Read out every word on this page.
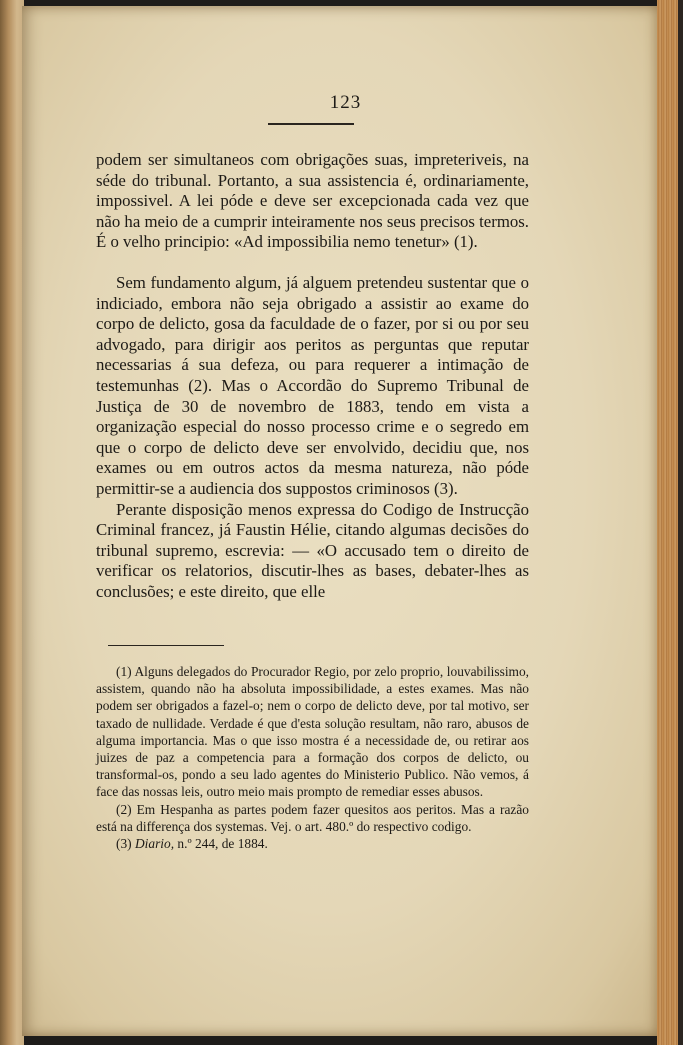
123

podem ser simultaneos com obrigações suas, impreteriveis, na séde do tribunal. Portanto, a sua assistencia é, ordinariamente, impossivel. A lei póde e deve ser excepcionada cada vez que não ha meio de a cumprir inteiramente nos seus precisos termos. É o velho principio: «Ad impossibilia nemo tenetur» (1).

Sem fundamento algum, já alguem pretendeu sustentar que o indiciado, embora não seja obrigado a assistir ao exame do corpo de delicto, gosa da faculdade de o fazer, por si ou por seu advogado, para dirigir aos peritos as perguntas que reputar necessarias á sua defeza, ou para requerer a intimação de testemunhas (2). Mas o Accordão do Supremo Tribunal de Justiça de 30 de novembro de 1883, tendo em vista a organização especial do nosso processo crime e o segredo em que o corpo de delicto deve ser envolvido, decidiu que, nos exames ou em outros actos da mesma natureza, não póde permittir-se a audiencia dos suppostos criminosos (3).

Perante disposição menos expressa do Codigo de Instrucção Criminal francez, já Faustin Hélie, citando algumas decisões do tribunal supremo, escrevia: — «O accusado tem o direito de verificar os relatorios, discutir-lhes as bases, debater-lhes as conclusões; e este direito, que elle

(1) Alguns delegados do Procurador Regio, por zelo proprio, louvabilissimo, assistem, quando não ha absoluta impossibilidade, a estes exames. Mas não podem ser obrigados a fazel-o; nem o corpo de delicto deve, por tal motivo, ser taxado de nullidade. Verdade é que d'esta solução resultam, não raro, abusos de alguma importancia. Mas o que isso mostra é a necessidade de, ou retirar aos juizes de paz a competencia para a formação dos corpos de delicto, ou transformal-os, pondo a seu lado agentes do Ministerio Publico. Não vemos, á face das nossas leis, outro meio mais prompto de remediar esses abusos.

(2) Em Hespanha as partes podem fazer quesitos aos peritos. Mas a razão está na differença dos systemas. Vej. o art. 480.º do respectivo codigo.

(3) Diario, n.º 244, de 1884.
